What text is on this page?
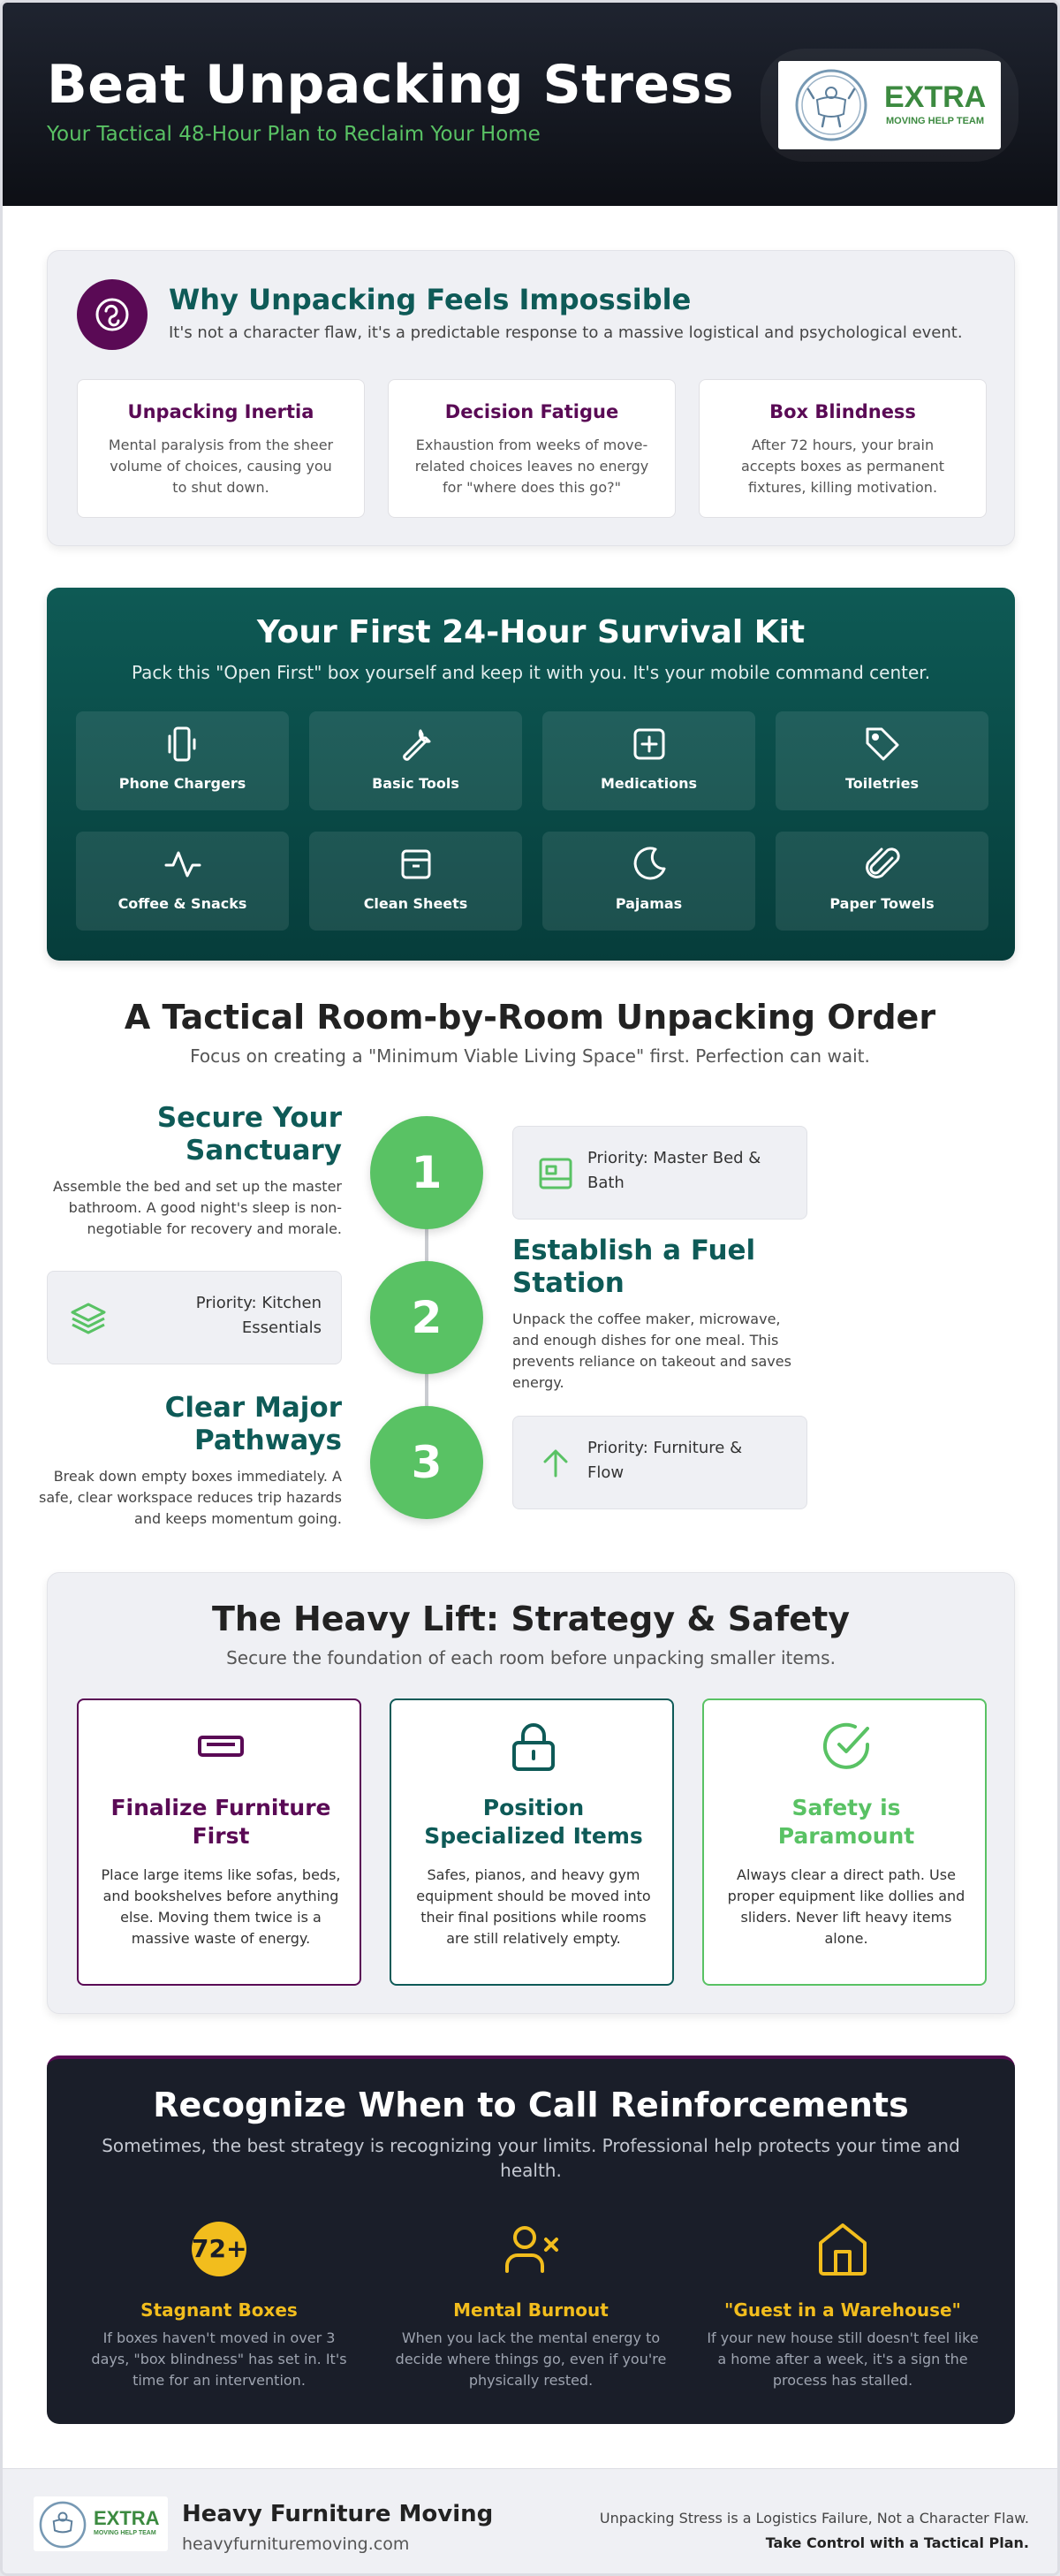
Beat Unpacking Stress
Your Tactical 48-Hour Plan to Reclaim Your Home
EXTRA
MOVING HELP TEAM
Why Unpacking Feels Impossible
It's not a character flaw, it's a predictable response to a massive logistical and psychological event.
Unpacking Inertia
Mental paralysis from the sheer volume of choices, causing you to shut down.
Decision Fatigue
Exhaustion from weeks of move-related choices leaves no energy for "where does this go?"
Box Blindness
After 72 hours, your brain accepts boxes as permanent fixtures, killing motivation.
Your First 24-Hour Survival Kit
Pack this "Open First" box yourself and keep it with you. It's your mobile command center.
Phone Chargers	Basic Tools	Medications	Toiletries
Coffee & Snacks	Clean Sheets	Pajamas	Paper Towels
A Tactical Room-by-Room Unpacking Order
Focus on creating a "Minimum Viable Living Space" first. Perfection can wait.
Secure Your Sanctuary
Assemble the bed and set up the master bathroom. A good night's sleep is non-negotiable for recovery and morale.
1	Priority: Master Bed & Bath
2
Priority: Kitchen Essentials
Establish a Fuel Station
Unpack the coffee maker, microwave, and enough dishes for one meal. This prevents reliance on takeout and saves energy.
Clear Major Pathways
Break down empty boxes immediately. A safe, clear workspace reduces trip hazards and keeps momentum going.
3	Priority: Furniture & Flow
The Heavy Lift: Strategy & Safety
Secure the foundation of each room before unpacking smaller items.
Finalize Furniture First
Place large items like sofas, beds, and bookshelves before anything else. Moving them twice is a massive waste of energy.
Position Specialized Items
Safes, pianos, and heavy gym equipment should be moved into their final positions while rooms are still relatively empty.
Safety is Paramount
Always clear a direct path. Use proper equipment like dollies and sliders. Never lift heavy items alone.
Recognize When to Call Reinforcements
Sometimes, the best strategy is recognizing your limits. Professional help protects your time and health.
72+
Stagnant Boxes
If boxes haven't moved in over 3 days, "box blindness" has set in. It's time for an intervention.
Mental Burnout
When you lack the mental energy to decide where things go, even if you're physically rested.
"Guest in a Warehouse"
If your new house still doesn't feel like a home after a week, it's a sign the process has stalled.
EXTRA
MOVING HELP TEAM
Heavy Furniture Moving
heavyfurnituremoving.com
Unpacking Stress is a Logistics Failure, Not a Character Flaw.
Take Control with a Tactical Plan.
